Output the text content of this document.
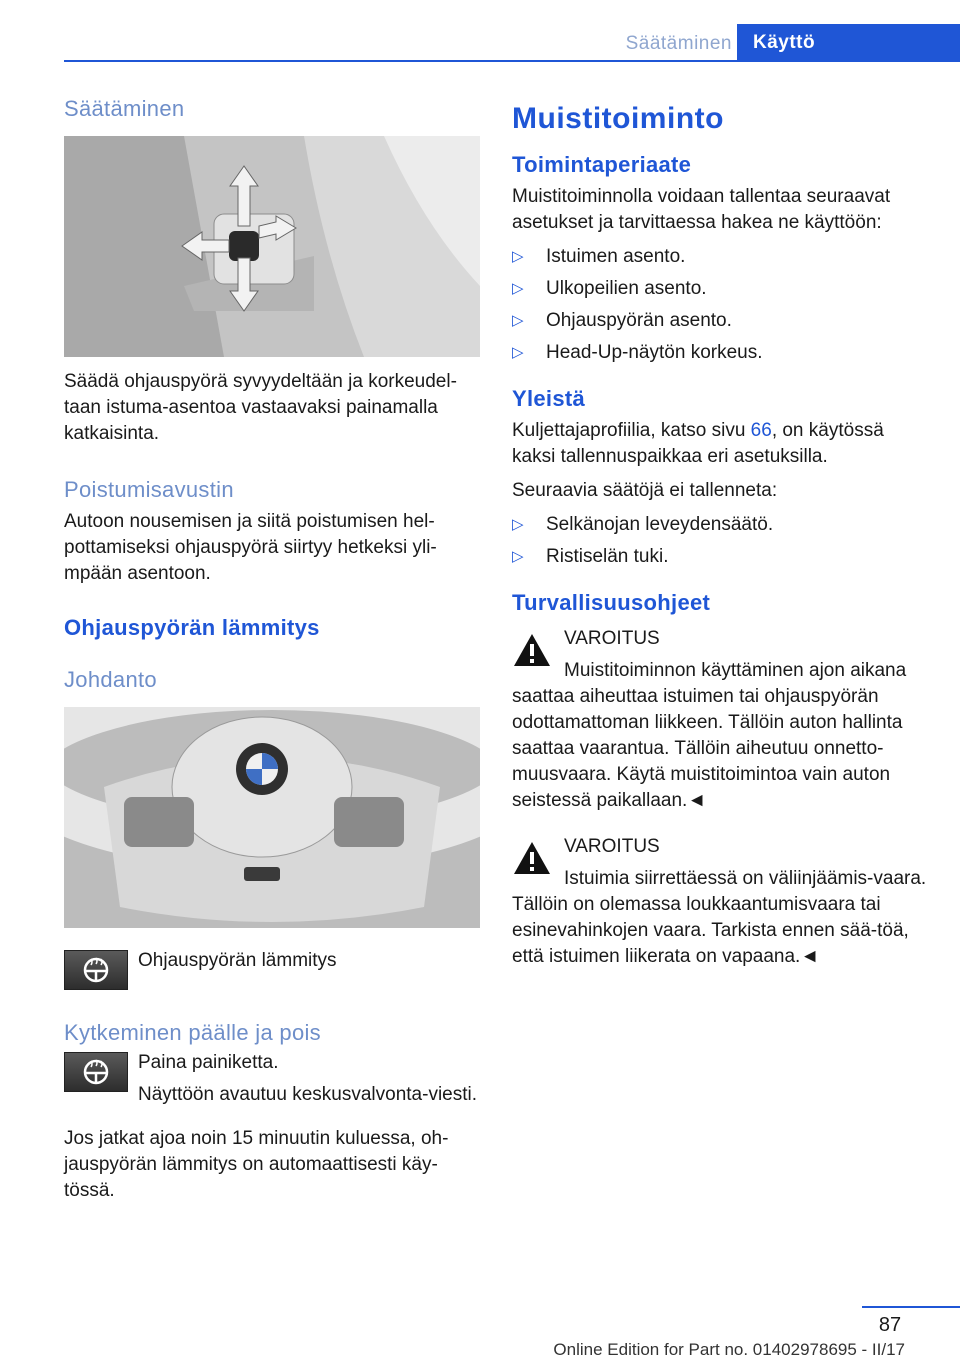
Säätäminen	Käyttö
Säätäminen

Säädä ohjauspyörä syvyydeltään ja korkeudel-taan istuma-asentoa vastaavaksi painamalla katkaisinta.

Poistumisavustin

Autoon nousemisen ja siitä poistumisen hel-pottamiseksi ohjauspyörä siirtyy hetkeksi yli-mpään asentoon.

Ohjauspyörän lämmitys
Johdanto

Ohjauspyörän lämmitys

Kytkeminen päälle ja pois

Paina painiketta.

Näyttöön avautuu keskusvalvonta-viesti.

Jos jatkat ajoa noin 15 minuutin kuluessa, oh-jauspyörän lämmitys on automaattisesti käy-tössä.

Muistitoiminto
Toimintaperiaate

Muistitoiminnolla voidaan tallentaa seuraavat asetukset ja tarvittaessa hakea ne käyttöön:

▷ Istuimen asento.
▷ Ulkopeilien asento.
▷ Ohjauspyörän asento.
▷ Head-Up-näytön korkeus.
Yleistä

Kuljettajaprofiilia, katso sivu 66, on käytössä kaksi tallennuspaikkaa eri asetuksilla.

Seuraavia säätöjä ei tallenneta:

▷ Selkänojan leveydensäätö.
▷ Ristiselän tuki.
Turvallisuusohjeet

VAROITUS

Muistitoiminnon käyttäminen ajon aikana saattaa aiheuttaa istuimen tai ohjauspyörän odottamattoman liikkeen. Tällöin auton hallinta saattaa vaarantua. Tällöin aiheutuu onnetto-muusvaara. Käytä muistitoimintoa vain auton seistessä paikallaan.◄

VAROITUS

Istuimia siirrettäessä on väliinjäämis-vaara. Tällöin on olemassa loukkaantumisvaara tai esinevahinkojen vaara. Tarkista ennen sää-töä, että istuimen liikerata on vapaana.◄

87
Online Edition for Part no. 01402978695 - II/17
